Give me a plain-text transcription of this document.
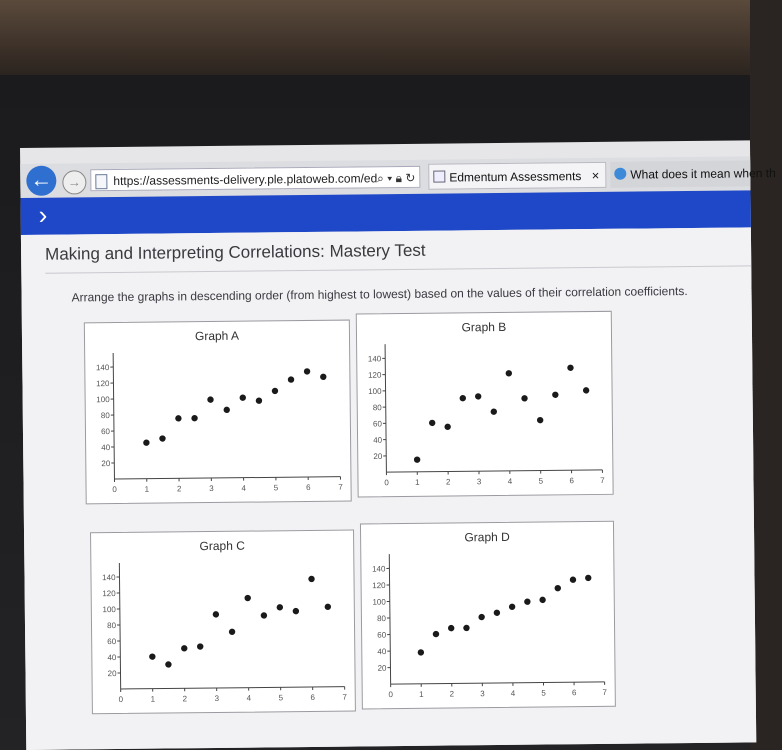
←	→	https://assessments-delivery.ple.platoweb.com/ed ⌕ ▾ 🔒︎ ↻	Edmentum Assessments ×	What does it mean when th
›
Making and Interpreting Correlations: Mastery Test
Arrange the graphs in descending order (from highest to lowest) based on the values of their correlation coefficients.
Graph A
0	1	2	3	4	5	6	7
20
40
60
80
100
120
140
Graph B
0	1	2	3	4	5	6	7
20
40
60
80
100
120
140
Graph C
0	1	2	3	4	5	6	7
20
40
60
80
100
120
140
Graph D
0	1	2	3	4	5	6	7
20
40
60
80
100
120
140
